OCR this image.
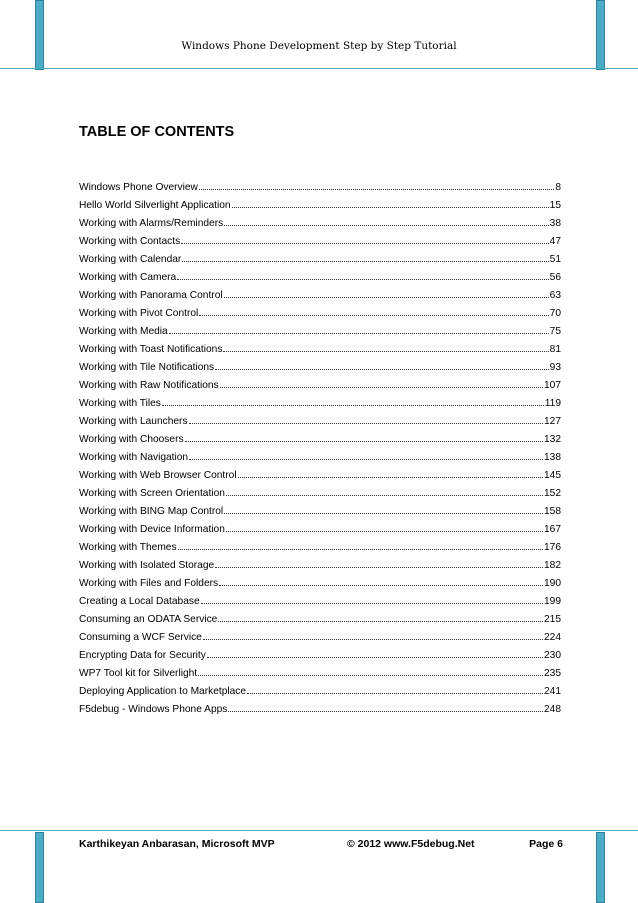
Windows Phone Development Step by Step Tutorial
TABLE OF CONTENTS
Windows Phone Overview	8
Hello World Silverlight Application	15
Working with Alarms/Reminders	38
Working with Contacts	47
Working with Calendar	51
Working with Camera	56
Working with Panorama Control	63
Working with Pivot Control	70
Working with Media	75
Working with Toast Notifications	81
Working with Tile Notifications	93
Working with Raw Notifications	107
Working with Tiles	119
Working with Launchers	127
Working with Choosers	132
Working with Navigation	138
Working with Web Browser Control	145
Working with Screen Orientation	152
Working with BING Map Control	158
Working with Device Information	167
Working with Themes	176
Working with Isolated Storage	182
Working with Files and Folders	190
Creating a Local Database	199
Consuming an ODATA Service	215
Consuming a WCF Service	224
Encrypting Data for Security	230
WP7 Tool kit for Silverlight	235
Deploying Application to Marketplace	241
F5debug - Windows Phone Apps	248
Karthikeyan Anbarasan, Microsoft MVP	© 2012 www.F5debug.Net	Page 6
